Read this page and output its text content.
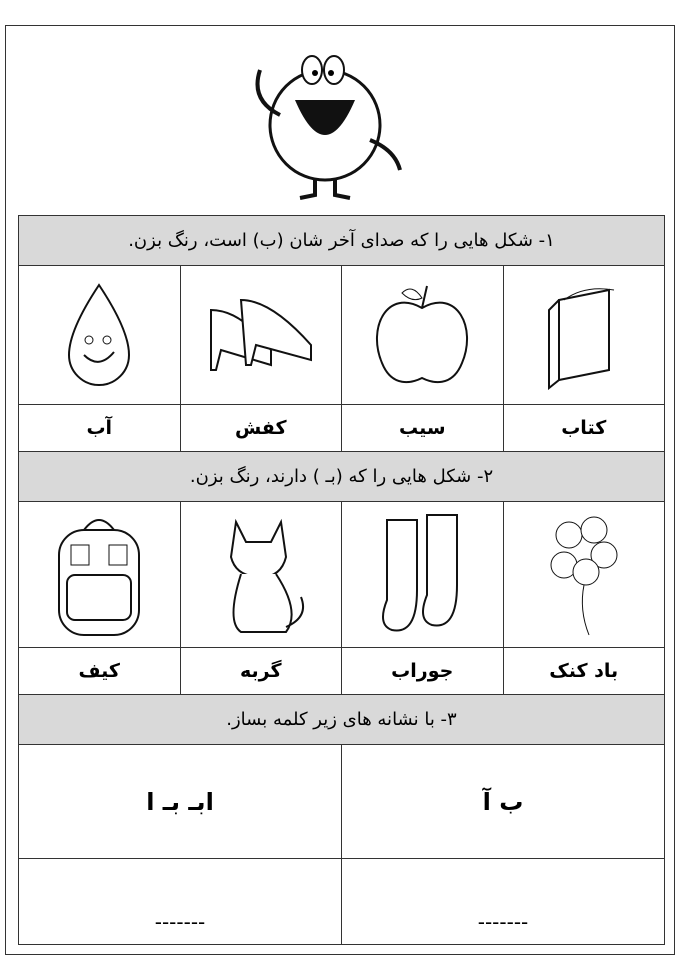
۱- شکل هایی را که صدای آخر شان (ب) است، رنگ بزن.			

کتاب	سیب	کفش	آب
۲- شکل هایی را که (بـ ) دارند، رنگ بزن.			

باد کنک	جوراب	گربه	کیف
۳- با نشانه های زیر کلمه بساز.			
ب آ		ابـ بـ ا	
-------		-------	
